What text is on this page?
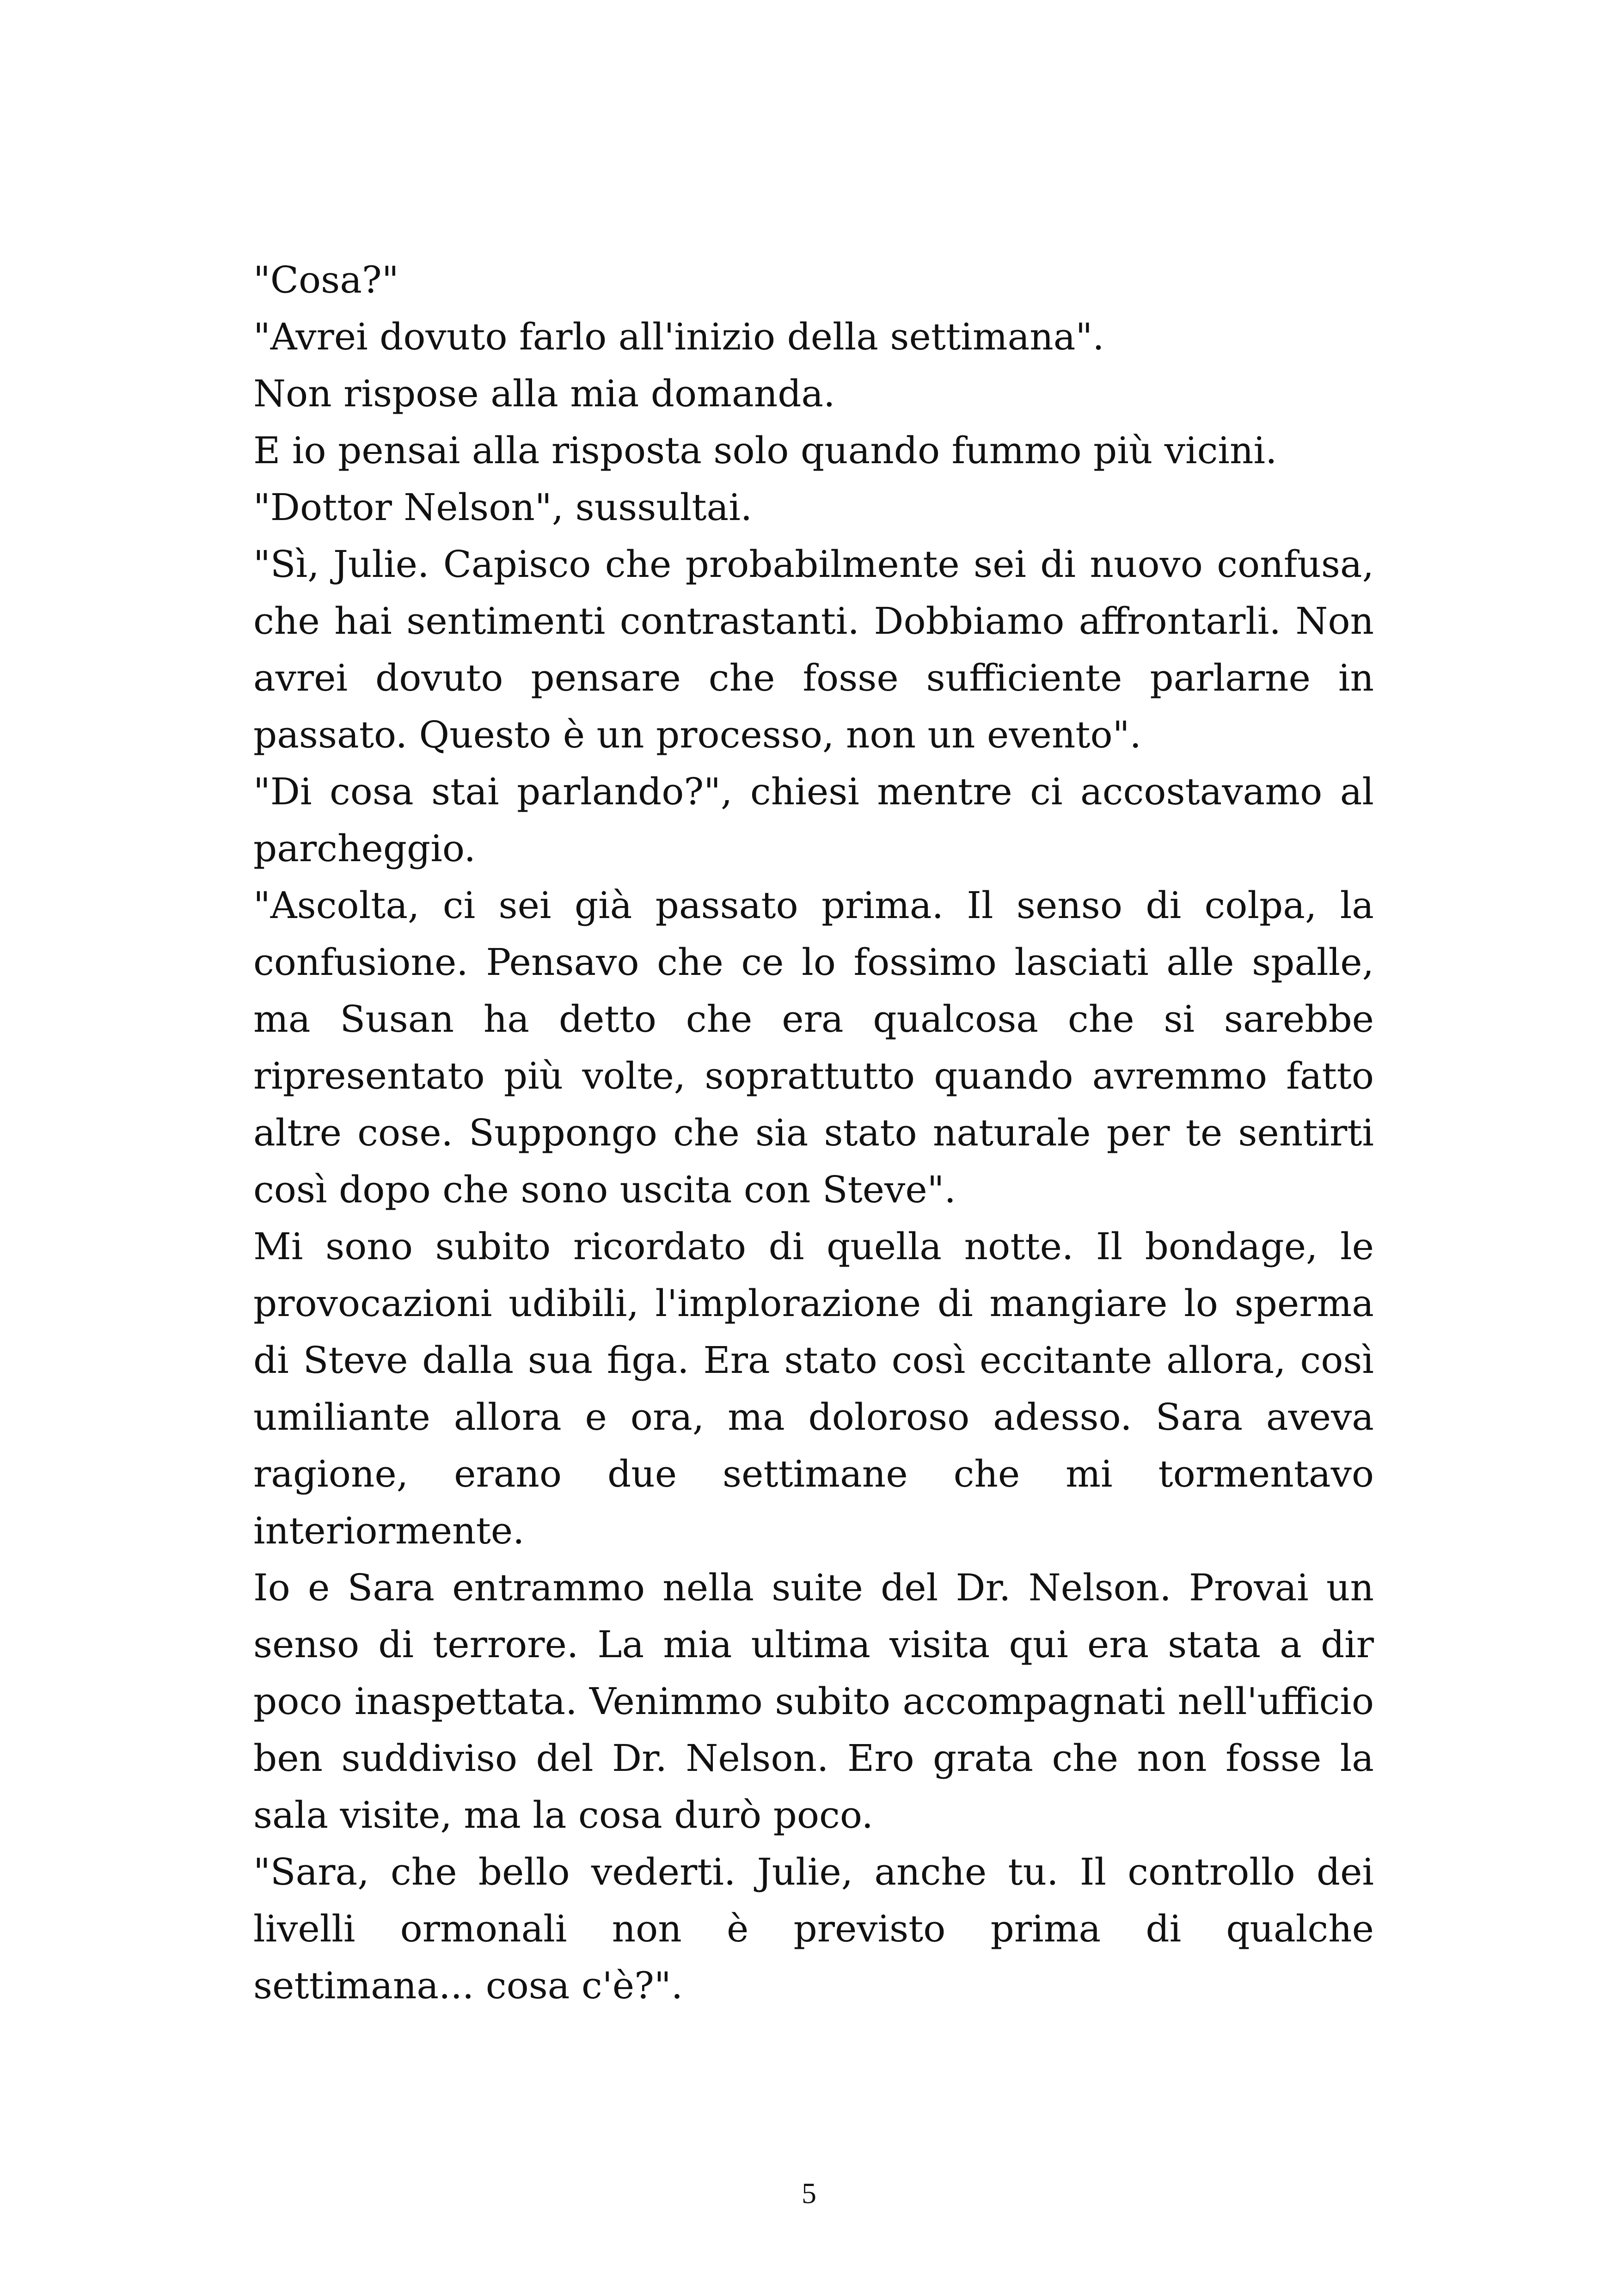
"Cosa?"

"Avrei dovuto farlo all'inizio della settimana".

Non rispose alla mia domanda.

E io pensai alla risposta solo quando fummo più vicini.

"Dottor Nelson", sussultai.

"Sì, Julie. Capisco che probabilmente sei di nuovo confusa, che hai sentimenti contrastanti. Dobbiamo affrontarli. Non avrei dovuto pensare che fosse sufficiente parlarne in passato. Questo è un processo, non un evento".

"Di cosa stai parlando?", chiesi mentre ci accostavamo al parcheggio.

"Ascolta, ci sei già passato prima. Il senso di colpa, la confusione. Pensavo che ce lo fossimo lasciati alle spalle, ma Susan ha detto che era qualcosa che si sarebbe ripresentato più volte, soprattutto quando avremmo fatto altre cose. Suppongo che sia stato naturale per te sentirti così dopo che sono uscita con Steve".

Mi sono subito ricordato di quella notte. Il bondage, le provocazioni udibili, l'implorazione di mangiare lo sperma di Steve dalla sua figa. Era stato così eccitante allora, così umiliante allora e ora, ma doloroso adesso. Sara aveva ragione, erano due settimane che mi tormentavo interiormente.

Io e Sara entrammo nella suite del Dr. Nelson. Provai un senso di terrore. La mia ultima visita qui era stata a dir poco inaspettata. Venimmo subito accompagnati nell'ufficio ben suddiviso del Dr. Nelson. Ero grata che non fosse la sala visite, ma la cosa durò poco.

"Sara, che bello vederti. Julie, anche tu. Il controllo dei livelli ormonali non è previsto prima di qualche settimana... cosa c'è?".

5
